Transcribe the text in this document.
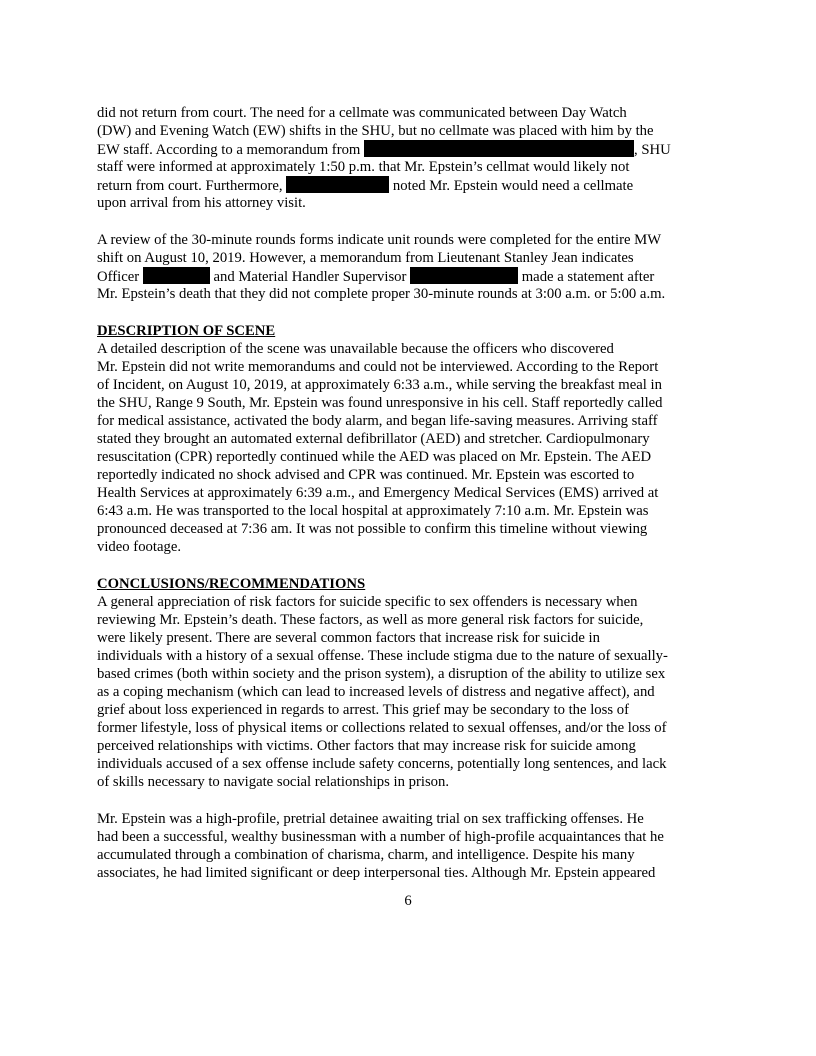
did not return from court. The need for a cellmate was communicated between Day Watch
(DW) and Evening Watch (EW) shifts in the SHU, but no cellmate was placed with him by the
EW staff. According to a memorandum from	, SHU
staff were informed at approximately 1:50 p.m. that Mr. Epstein’s cellmat would likely not
return from court. Furthermore,	noted Mr. Epstein would need a cellmate
upon arrival from his attorney visit.
A review of the 30-minute rounds forms indicate unit rounds were completed for the entire MW
shift on August 10, 2019. However, a memorandum from Lieutenant Stanley Jean indicates
Officer	and Material Handler Supervisor	made a statement after
Mr. Epstein’s death that they did not complete proper 30-minute rounds at 3:00 a.m. or 5:00 a.m.
DESCRIPTION OF SCENE
A detailed description of the scene was unavailable because the officers who discovered
Mr. Epstein did not write memorandums and could not be interviewed. According to the Report
of Incident, on August 10, 2019, at approximately 6:33 a.m., while serving the breakfast meal in
the SHU, Range 9 South, Mr. Epstein was found unresponsive in his cell. Staff reportedly called
for medical assistance, activated the body alarm, and began life-saving measures. Arriving staff
stated they brought an automated external defibrillator (AED) and stretcher. Cardiopulmonary
resuscitation (CPR) reportedly continued while the AED was placed on Mr. Epstein. The AED
reportedly indicated no shock advised and CPR was continued. Mr. Epstein was escorted to
Health Services at approximately 6:39 a.m., and Emergency Medical Services (EMS) arrived at
6:43 a.m. He was transported to the local hospital at approximately 7:10 a.m. Mr. Epstein was
pronounced deceased at 7:36 am. It was not possible to confirm this timeline without viewing
video footage.
CONCLUSIONS/RECOMMENDATIONS
A general appreciation of risk factors for suicide specific to sex offenders is necessary when
reviewing Mr. Epstein’s death. These factors, as well as more general risk factors for suicide,
were likely present. There are several common factors that increase risk for suicide in
individuals with a history of a sexual offense. These include stigma due to the nature of sexually-
based crimes (both within society and the prison system), a disruption of the ability to utilize sex
as a coping mechanism (which can lead to increased levels of distress and negative affect), and
grief about loss experienced in regards to arrest. This grief may be secondary to the loss of
former lifestyle, loss of physical items or collections related to sexual offenses, and/or the loss of
perceived relationships with victims. Other factors that may increase risk for suicide among
individuals accused of a sex offense include safety concerns, potentially long sentences, and lack
of skills necessary to navigate social relationships in prison.
Mr. Epstein was a high-profile, pretrial detainee awaiting trial on sex trafficking offenses. He
had been a successful, wealthy businessman with a number of high-profile acquaintances that he
accumulated through a combination of charisma, charm, and intelligence. Despite his many
associates, he had limited significant or deep interpersonal ties. Although Mr. Epstein appeared
6
